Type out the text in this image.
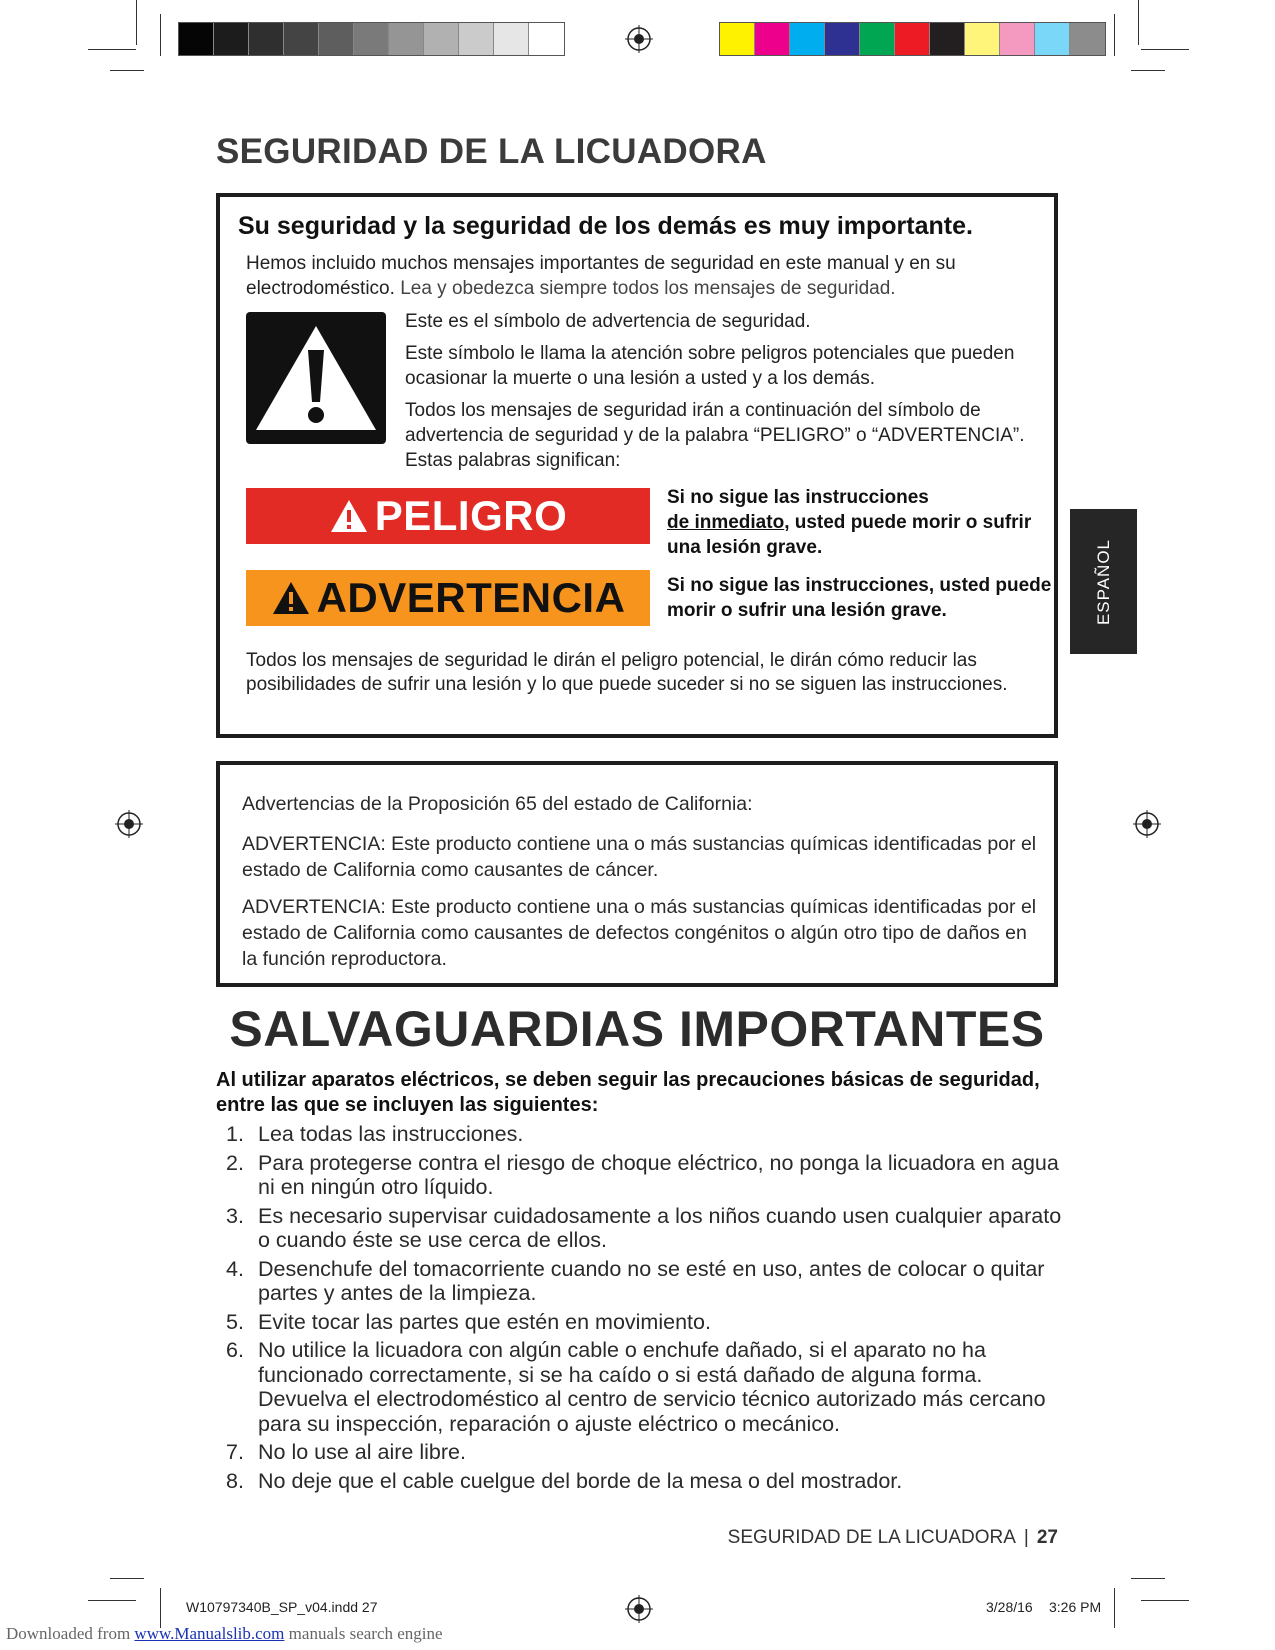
SEGURIDAD DE LA LICUADORA
Su seguridad y la seguridad de los demás es muy importante.

Hemos incluido muchos mensajes importantes de seguridad en este manual y en su electrodoméstico. Lea y obedezca siempre todos los mensajes de seguridad.

Este es el símbolo de advertencia de seguridad.

Este símbolo le llama la atención sobre peligros potenciales que pueden ocasionar la muerte o una lesión a usted y a los demás.

Todos los mensajes de seguridad irán a continuación del símbolo de advertencia de seguridad y de la palabra “PELIGRO” o “ADVERTENCIA”. Estas palabras significan:

PELIGRO	Si no sigue las instrucciones
de inmediato, usted puede morir o sufrir una lesión grave.

ADVERTENCIA Si no sigue las instrucciones, usted puede morir o sufrir una lesión grave.

Todos los mensajes de seguridad le dirán el peligro potencial, le dirán cómo reducir las posibilidades de sufrir una lesión y lo que puede suceder si no se siguen las instrucciones.

ESPAÑOL

Advertencias de la Proposición 65 del estado de California:

ADVERTENCIA: Este producto contiene una o más sustancias químicas identificadas por el estado de California como causantes de cáncer.

ADVERTENCIA: Este producto contiene una o más sustancias químicas identificadas por el estado de California como causantes de defectos congénitos o algún otro tipo de daños en la función reproductora.

SALVAGUARDIAS IMPORTANTES

Al utilizar aparatos eléctricos, se deben seguir las precauciones básicas de seguridad, entre las que se incluyen las siguientes:

1. Lea todas las instrucciones.
2. Para protegerse contra el riesgo de choque eléctrico, no ponga la licuadora en agua ni en ningún otro líquido.
3. Es necesario supervisar cuidadosamente a los niños cuando usen cualquier aparato o cuando éste se use cerca de ellos.
4. Desenchufe del tomacorriente cuando no se esté en uso, antes de colocar o quitar partes y antes de la limpieza.
5. Evite tocar las partes que estén en movimiento.
6. No utilice la licuadora con algún cable o enchufe dañado, si el aparato no ha funcionado correctamente, si se ha caído o si está dañado de alguna forma. Devuelva el electrodoméstico al centro de servicio técnico autorizado más cercano para su inspección, reparación o ajuste eléctrico o mecánico.
7. No lo use al aire libre.
8. No deje que el cable cuelgue del borde de la mesa o del mostrador.
SEGURIDAD DE LA LICUADORA | 27
W10797340B_SP_v04.indd 27	3/28/16 3:26 PM
Downloaded from www.Manualslib.com manuals search engine
